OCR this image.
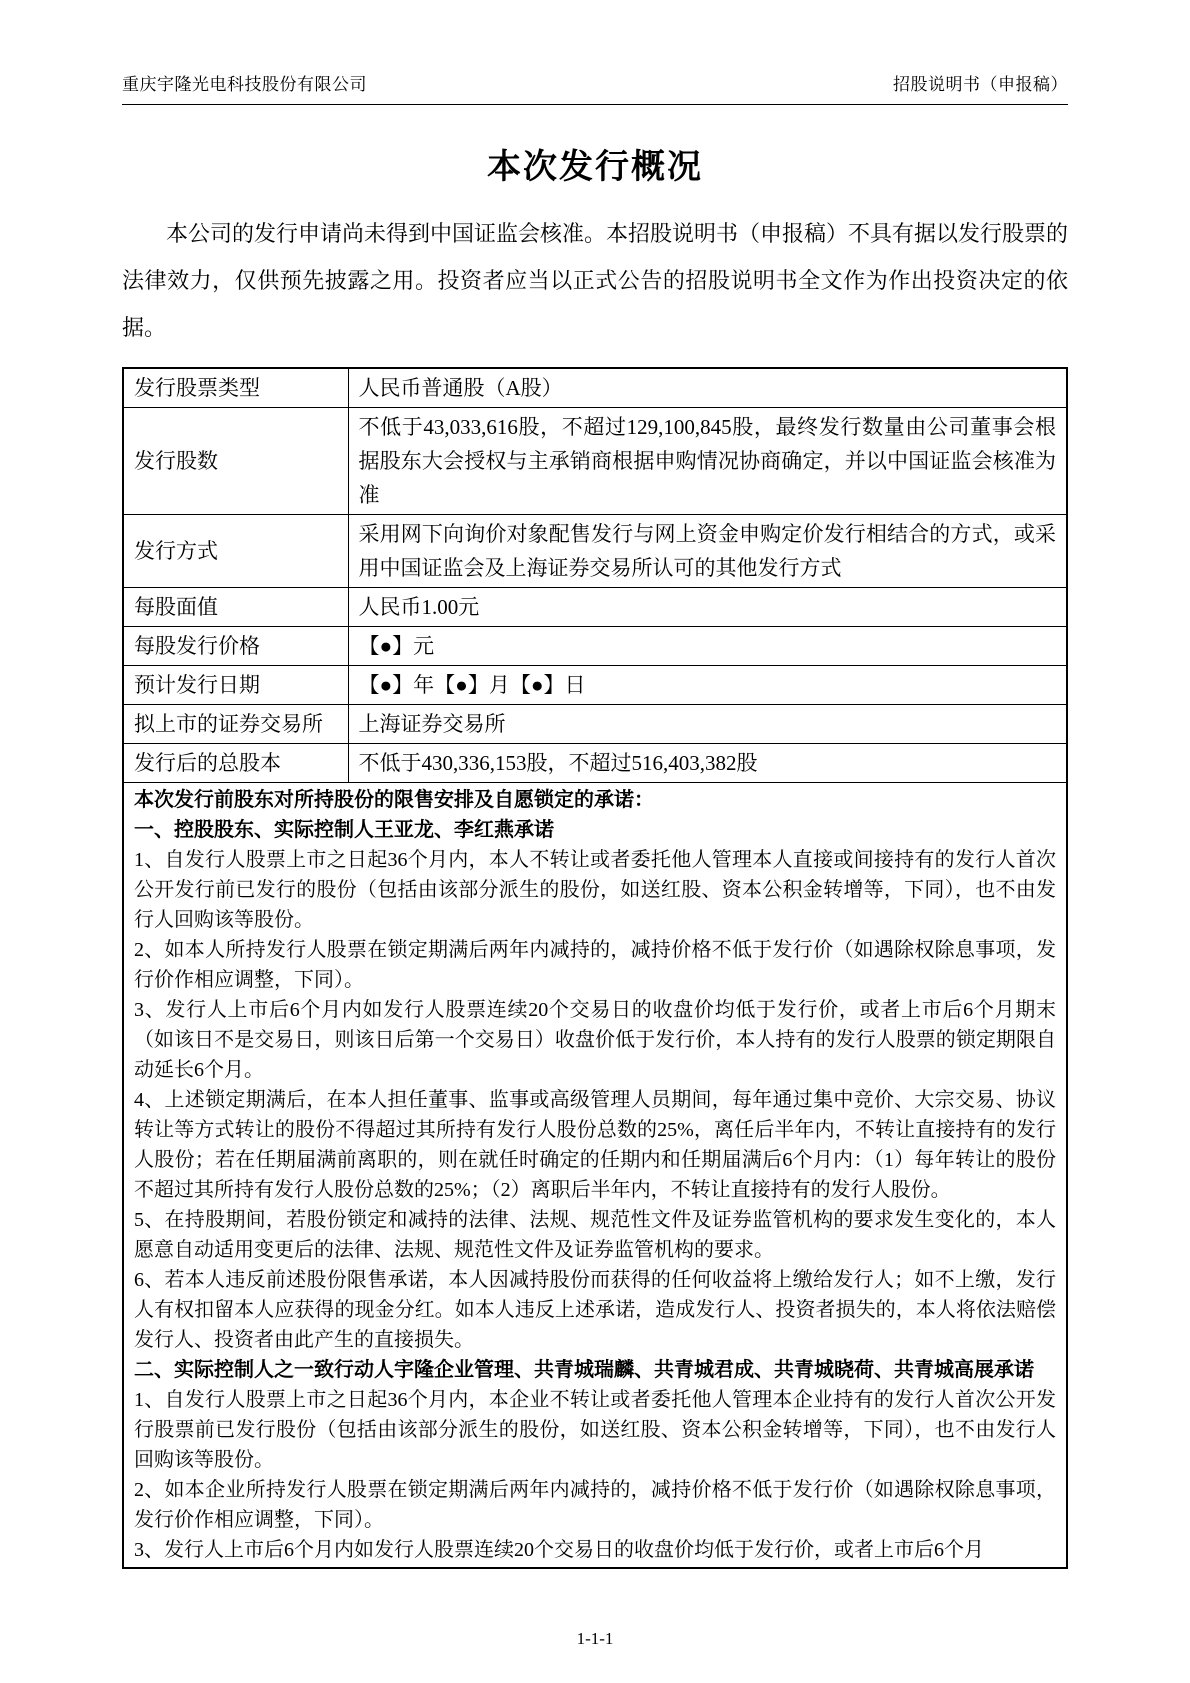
重庆宇隆光电科技股份有限公司	招股说明书（申报稿）
本次发行概况

本公司的发行申请尚未得到中国证监会核准。本招股说明书（申报稿）不具有据以发行股票的法律效力，仅供预先披露之用。投资者应当以正式公告的招股说明书全文作为作出投资决定的依据。

发行股票类型	人民币普通股（A股）
发行股数	不低于43,033,616股，不超过129,100,845股，最终发行数量由公司董事会根据股东大会授权与主承销商根据申购情况协商确定，并以中国证监会核准为准
发行方式	采用网下向询价对象配售发行与网上资金申购定价发行相结合的方式，或采用中国证监会及上海证券交易所认可的其他发行方式
每股面值	人民币1.00元
每股发行价格	【●】元
预计发行日期	【●】年【●】月【●】日
拟上市的证券交易所	上海证券交易所
发行后的总股本	不低于430,336,153股，不超过516,403,382股

本次发行前股东对所持股份的限售安排及自愿锁定的承诺：

一、控股股东、实际控制人王亚龙、李红燕承诺

1、自发行人股票上市之日起36个月内，本人不转让或者委托他人管理本人直接或间接持有的发行人首次公开发行前已发行的股份（包括由该部分派生的股份，如送红股、资本公积金转增等，下同），也不由发行人回购该等股份。

2、如本人所持发行人股票在锁定期满后两年内减持的，减持价格不低于发行价（如遇除权除息事项，发行价作相应调整，下同）。

3、发行人上市后6个月内如发行人股票连续20个交易日的收盘价均低于发行价，或者上市后6个月期末（如该日不是交易日，则该日后第一个交易日）收盘价低于发行价，本人持有的发行人股票的锁定期限自动延长6个月。

4、上述锁定期满后，在本人担任董事、监事或高级管理人员期间，每年通过集中竞价、大宗交易、协议转让等方式转让的股份不得超过其所持有发行人股份总数的25%，离任后半年内，不转让直接持有的发行人股份；若在任期届满前离职的，则在就任时确定的任期内和任期届满后6个月内：（1）每年转让的股份不超过其所持有发行人股份总数的25%；（2）离职后半年内，不转让直接持有的发行人股份。

5、在持股期间，若股份锁定和减持的法律、法规、规范性文件及证券监管机构的要求发生变化的，本人愿意自动适用变更后的法律、法规、规范性文件及证券监管机构的要求。

6、若本人违反前述股份限售承诺，本人因减持股份而获得的任何收益将上缴给发行人；如不上缴，发行人有权扣留本人应获得的现金分红。如本人违反上述承诺，造成发行人、投资者损失的，本人将依法赔偿发行人、投资者由此产生的直接损失。

二、实际控制人之一致行动人宇隆企业管理、共青城瑞麟、共青城君成、共青城晓荷、共青城高展承诺

1、自发行人股票上市之日起36个月内，本企业不转让或者委托他人管理本企业持有的发行人首次公开发行股票前已发行股份（包括由该部分派生的股份，如送红股、资本公积金转增等，下同），也不由发行人回购该等股份。

2、如本企业所持发行人股票在锁定期满后两年内减持的，减持价格不低于发行价（如遇除权除息事项，发行价作相应调整，下同）。

3、发行人上市后6个月内如发行人股票连续20个交易日的收盘价均低于发行价，或者上市后6个月

1-1-1
